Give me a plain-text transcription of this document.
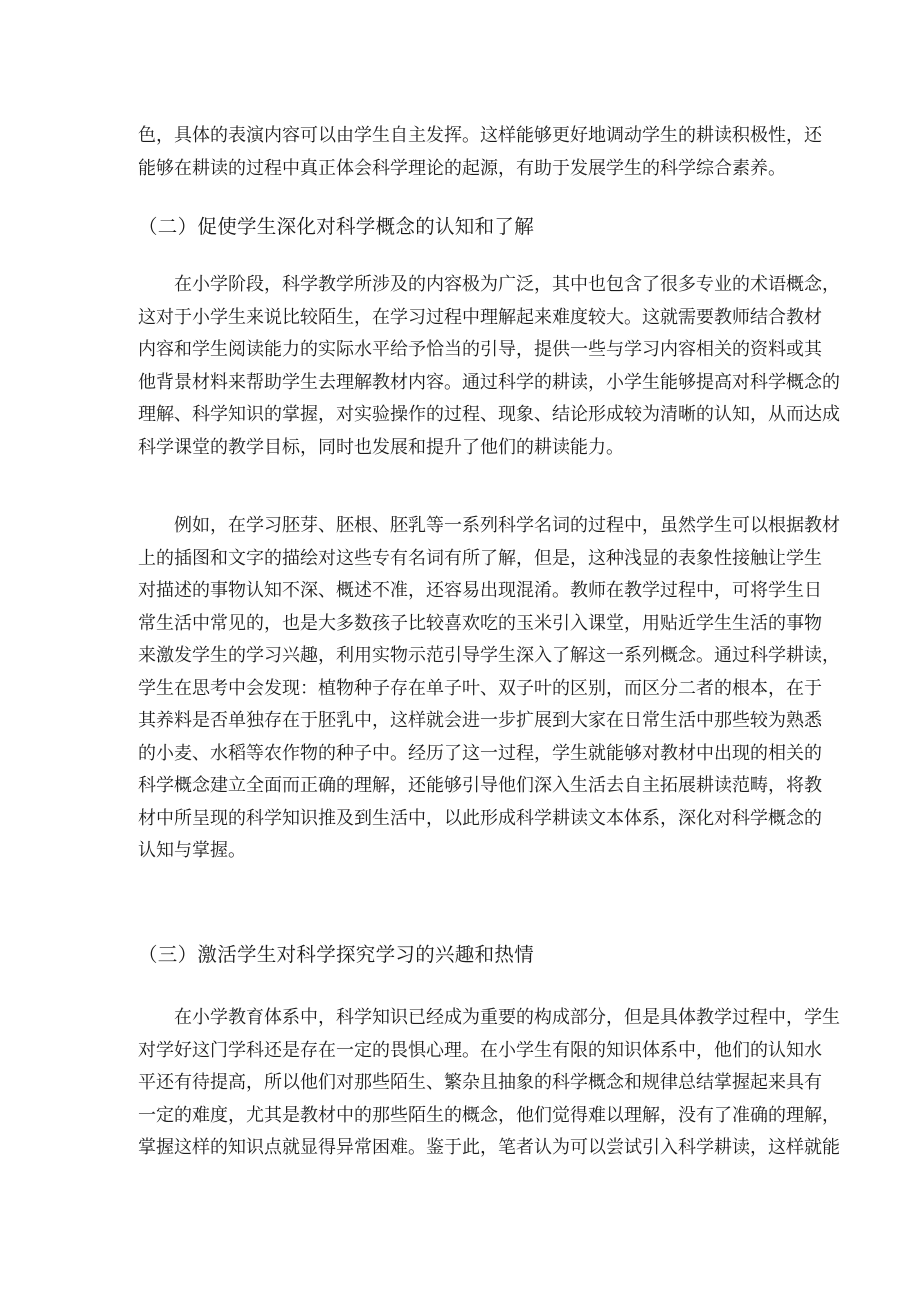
色，具体的表演内容可以由学生自主发挥。这样能够更好地调动学生的耕读积极性，还
能够在耕读的过程中真正体会科学理论的起源，有助于发展学生的科学综合素养。
（二）促使学生深化对科学概念的认知和了解
在小学阶段，科学教学所涉及的内容极为广泛，其中也包含了很多专业的术语概念，
这对于小学生来说比较陌生，在学习过程中理解起来难度较大。这就需要教师结合教材
内容和学生阅读能力的实际水平给予恰当的引导，提供一些与学习内容相关的资料或其
他背景材料来帮助学生去理解教材内容。通过科学的耕读，小学生能够提高对科学概念的
理解、科学知识的掌握，对实验操作的过程、现象、结论形成较为清晰的认知，从而达成
科学课堂的教学目标，同时也发展和提升了他们的耕读能力。
例如，在学习胚芽、胚根、胚乳等一系列科学名词的过程中，虽然学生可以根据教材
上的插图和文字的描绘对这些专有名词有所了解，但是，这种浅显的表象性接触让学生
对描述的事物认知不深、概述不准，还容易出现混淆。教师在教学过程中，可将学生日
常生活中常见的，也是大多数孩子比较喜欢吃的玉米引入课堂，用贴近学生生活的事物
来激发学生的学习兴趣，利用实物示范引导学生深入了解这一系列概念。通过科学耕读，
学生在思考中会发现：植物种子存在单子叶、双子叶的区别，而区分二者的根本，在于
其养料是否单独存在于胚乳中，这样就会进一步扩展到大家在日常生活中那些较为熟悉
的小麦、水稻等农作物的种子中。经历了这一过程，学生就能够对教材中出现的相关的
科学概念建立全面而正确的理解，还能够引导他们深入生活去自主拓展耕读范畴，将教
材中所呈现的科学知识推及到生活中，以此形成科学耕读文本体系，深化对科学概念的
认知与掌握。
（三）激活学生对科学探究学习的兴趣和热情
在小学教育体系中，科学知识已经成为重要的构成部分，但是具体教学过程中，学生
对学好这门学科还是存在一定的畏惧心理。在小学生有限的知识体系中，他们的认知水
平还有待提高，所以他们对那些陌生、繁杂且抽象的科学概念和规律总结掌握起来具有
一定的难度，尤其是教材中的那些陌生的概念，他们觉得难以理解，没有了准确的理解，
掌握这样的知识点就显得异常困难。鉴于此，笔者认为可以尝试引入科学耕读，这样就能
